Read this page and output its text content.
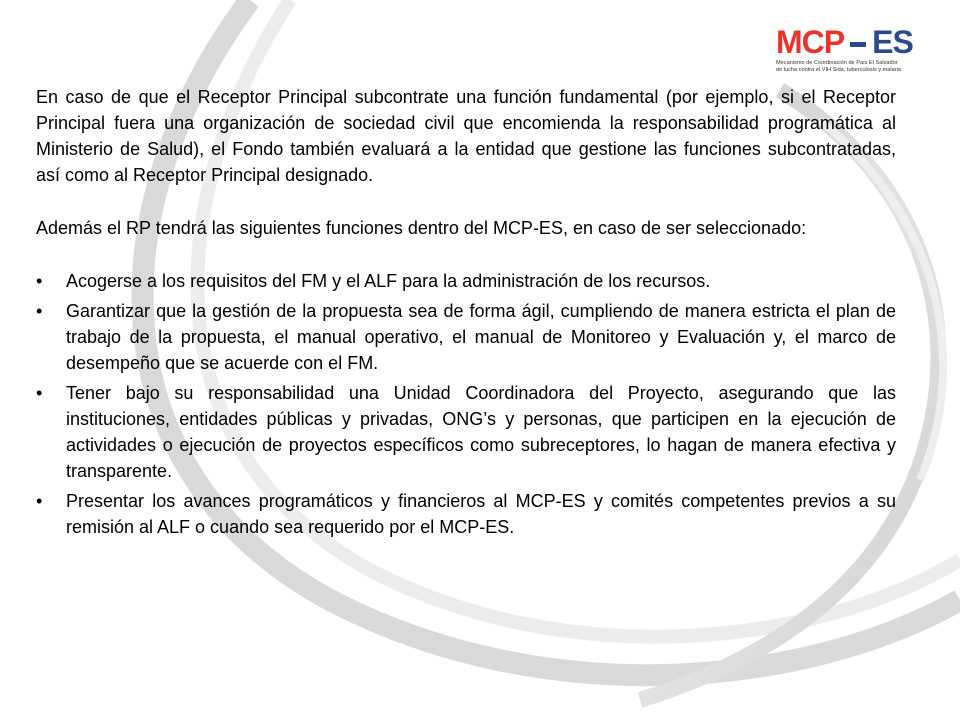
MCP ES
Mecanismo de Coordinación de País El Salvador
de lucha contra el VIH Sida, tuberculosis y malaria

En caso de que el Receptor Principal subcontrate una función fundamental (por ejemplo, si el Receptor Principal fuera una organización de sociedad civil que encomienda la responsabilidad programática al Ministerio de Salud), el Fondo también evaluará a la entidad que gestione las funciones subcontratadas, así como al Receptor Principal designado.

Además el RP tendrá las siguientes funciones dentro del MCP-ES, en caso de ser seleccionado:

•	Acogerse a los requisitos del FM y el ALF para la administración de los recursos.
•	Garantizar que la gestión de la propuesta sea de forma ágil, cumpliendo de manera estricta el plan de trabajo de la propuesta, el manual operativo, el manual de Monitoreo y Evaluación y, el marco de desempeño que se acuerde con el FM.
•	Tener bajo su responsabilidad una Unidad Coordinadora del Proyecto, asegurando que las instituciones, entidades públicas y privadas, ONG’s y personas, que participen en la ejecución de actividades o ejecución de proyectos específicos como subreceptores, lo hagan de manera efectiva y transparente.
•	Presentar los avances programáticos y financieros al MCP-ES y comités competentes previos a su remisión al ALF o cuando sea requerido por el MCP-ES.
